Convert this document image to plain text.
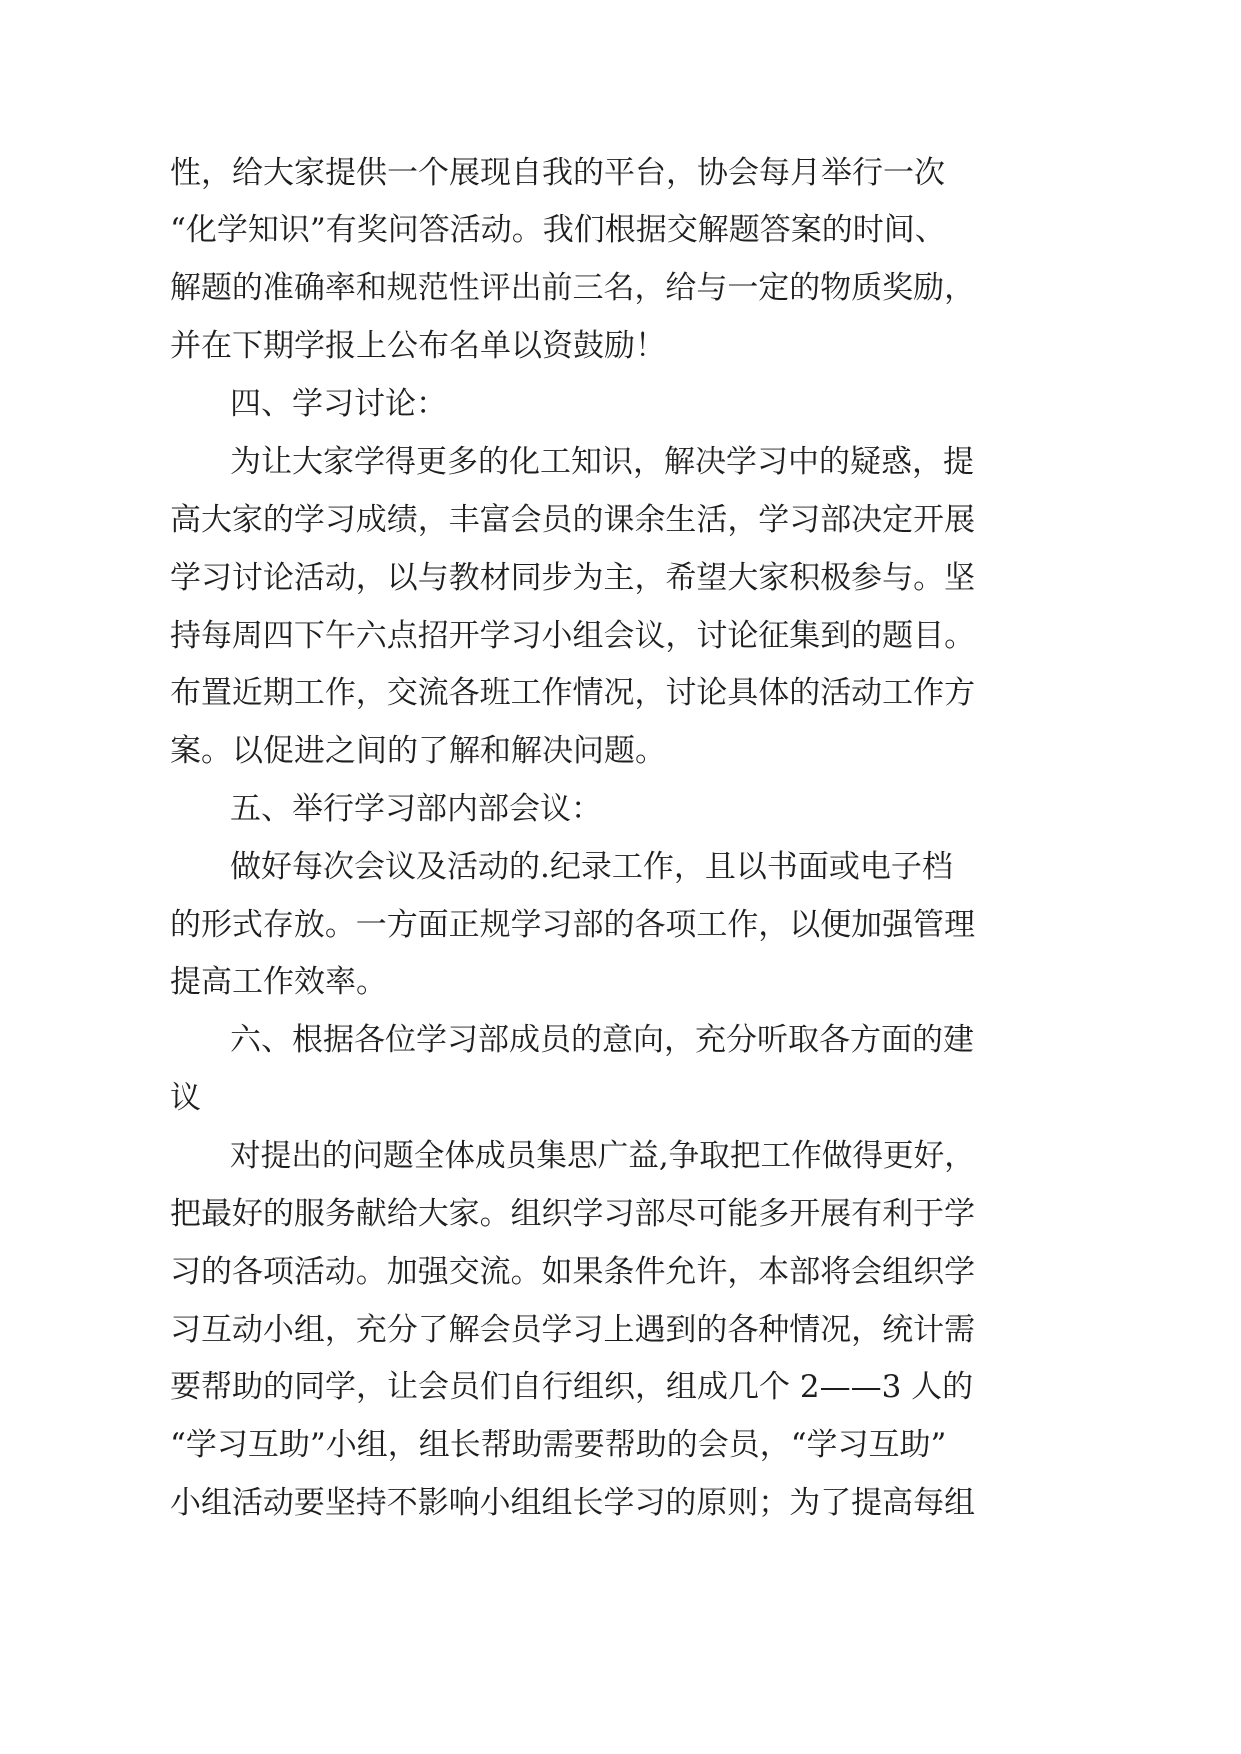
性，给大家提供一个展现自我的平台，协会每月举行一次
“化学知识”有奖问答活动。我们根据交解题答案的时间、
解题的准确率和规范性评出前三名，给与一定的物质奖励，
并在下期学报上公布名单以资鼓励！
四、学习讨论：
为让大家学得更多的化工知识，解决学习中的疑惑，提
高大家的学习成绩，丰富会员的课余生活，学习部决定开展
学习讨论活动，以与教材同步为主，希望大家积极参与。坚
持每周四下午六点招开学习小组会议，讨论征集到的题目。
布置近期工作，交流各班工作情况，讨论具体的活动工作方
案。以促进之间的了解和解决问题。
五、举行学习部内部会议：
做好每次会议及活动的.纪录工作，且以书面或电子档
的形式存放。一方面正规学习部的各项工作，以便加强管理
提高工作效率。
六、根据各位学习部成员的意向，充分听取各方面的建
议
对提出的问题全体成员集思广益,争取把工作做得更好，
把最好的服务献给大家。组织学习部尽可能多开展有利于学
习的各项活动。加强交流。如果条件允许，本部将会组织学
习互动小组，充分了解会员学习上遇到的各种情况，统计需
要帮助的同学，让会员们自行组织，组成几个 2——3 人的
“学习互助”小组，组长帮助需要帮助的会员，“学习互助”
小组活动要坚持不影响小组组长学习的原则；为了提高每组
